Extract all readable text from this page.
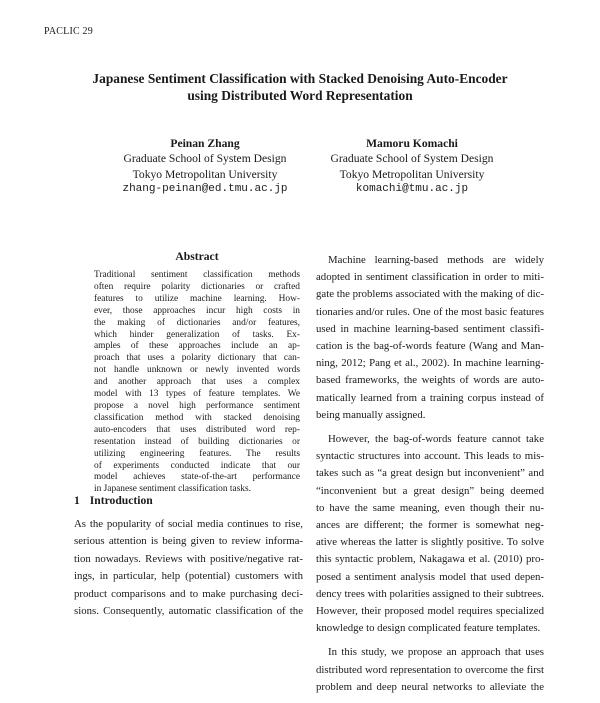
PACLIC 29
Japanese Sentiment Classification with Stacked Denoising Auto-Encoder
using Distributed Word Representation
Peinan Zhang
Graduate School of System Design
Tokyo Metropolitan University
zhang-peinan@ed.tmu.ac.jp
Mamoru Komachi
Graduate School of System Design
Tokyo Metropolitan University
komachi@tmu.ac.jp
Abstract
Traditional sentiment classification methods
often require polarity dictionaries or crafted
features to utilize machine learning. How-
ever, those approaches incur high costs in
the making of dictionaries and/or features,
which hinder generalization of tasks. Ex-
amples of these approaches include an ap-
proach that uses a polarity dictionary that can-
not handle unknown or newly invented words
and another approach that uses a complex
model with 13 types of feature templates. We
propose a novel high performance sentiment
classification method with stacked denoising
auto-encoders that uses distributed word rep-
resentation instead of building dictionaries or
utilizing engineering features. The results
of experiments conducted indicate that our
model achieves state-of-the-art performance
in Japanese sentiment classification tasks.
1 Introduction
As the popularity of social media continues to rise,
serious attention is being given to review informa-
tion nowadays. Reviews with positive/negative rat-
ings, in particular, help (potential) customers with
product comparisons and to make purchasing deci-
sions. Consequently, automatic classification of the
Machine learning-based methods are widely
adopted in sentiment classification in order to miti-
gate the problems associated with the making of dic-
tionaries and/or rules. One of the most basic features
used in machine learning-based sentiment classifi-
cation is the bag-of-words feature (Wang and Man-
ning, 2012; Pang et al., 2002). In machine learning-
based frameworks, the weights of words are auto-
matically learned from a training corpus instead of
being manually assigned.
However, the bag-of-words feature cannot take
syntactic structures into account. This leads to mis-
takes such as “a great design but inconvenient” and
“inconvenient but a great design” being deemed
to have the same meaning, even though their nu-
ances are different; the former is somewhat neg-
ative whereas the latter is slightly positive. To solve
this syntactic problem, Nakagawa et al. (2010) pro-
posed a sentiment analysis model that used depen-
dency trees with polarities assigned to their subtrees.
However, their proposed model requires specialized
knowledge to design complicated feature templates.
In this study, we propose an approach that uses
distributed word representation to overcome the first
problem and deep neural networks to alleviate the
